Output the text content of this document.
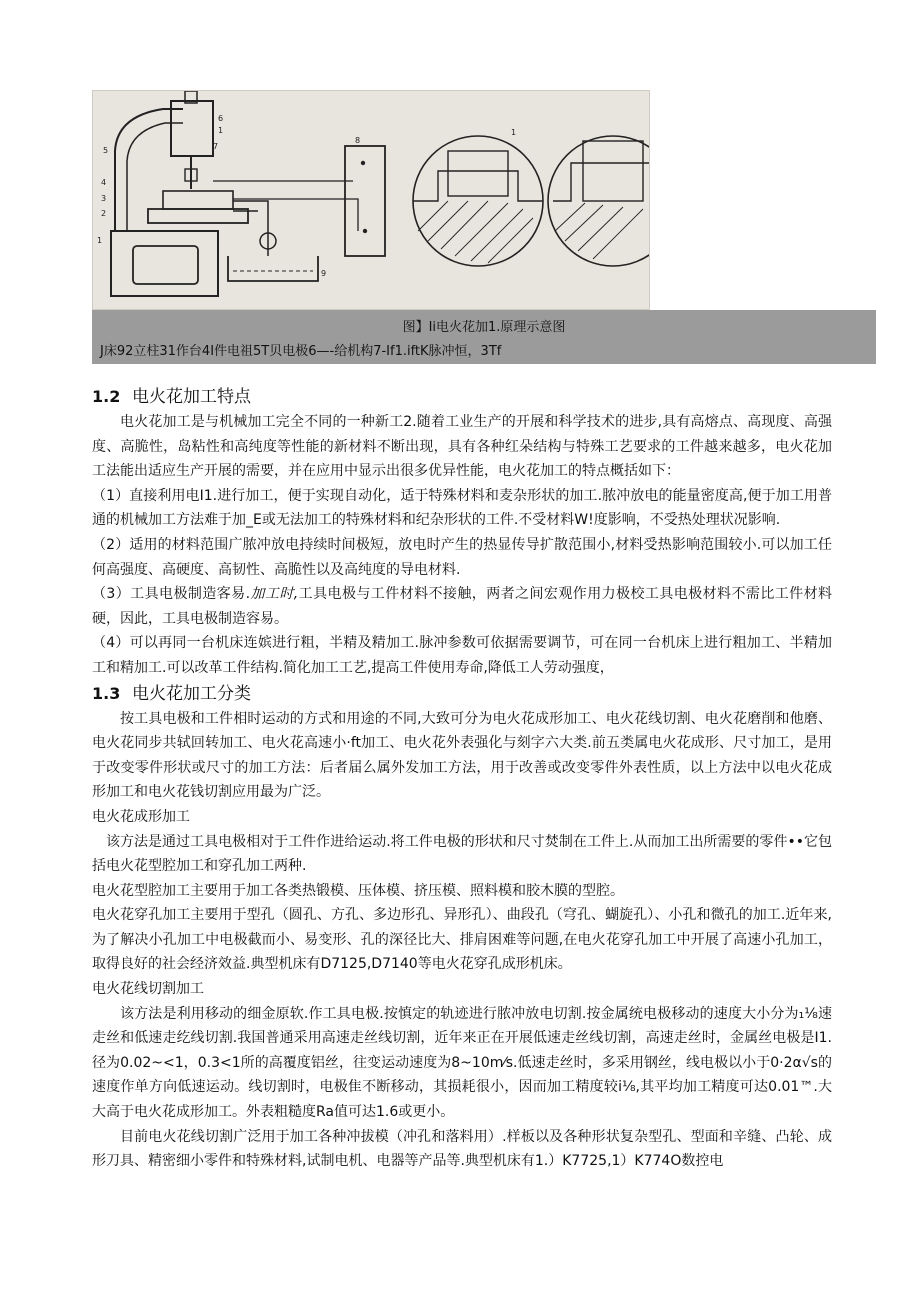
6
1
5	7
4
3
2
1
8
9
1
图】Ii电火花加1.原理示意图
J床92立柱31作台4I件电祖5T贝电极6—-给机构7-If1.iftK脉冲恒，3Tf
1.2 电火花加工特点

电火花加工是与机械加工完全不同的一种新工2.随着工业生产的开展和科学技术的进步,具有高熔点、高现度、高强度、高脆性，岛粘性和高纯度等性能的新材料不断出现，具有各种红朵结构与特殊工艺要求的工件越来越多，电火花加工法能出适应生产开展的需要，并在应用中显示出很多优异性能，电火花加工的特点概括如下：

（1）直接利用电I1.进行加工，便于实现自动化，适于特殊材料和麦杂形状的加工.脓冲放电的能量密度高,便于加工用普通的机械加工方法难于加_E或无法加工的特殊材料和纪杂形状的工件.不受材料W!度影响，不受热处理状况影响.

（2）适用的材料范围广脓冲放电持续时间极短，放电时产生的热显传导扩散范围小,材料受热影响范围较小.可以加工任何高强度、高硬度、高韧性、高脆性以及高纯度的导电材料.

（3）工具电极制造客易.加工时,工具电极与工件材料不接触，两者之间宏观作用力极校工具电极材料不需比工件材料硬，因此，工具电极制造容易。

（4）可以再同一台机床连嫔进行粗，半精及精加工.脉冲参数可依据需要调节，可在同一台机床上进行粗加工、半精加工和精加工.可以改革工件结构.简化加工工艺,提高工件使用寿命,降低工人劳动强度，

1.3 电火花加工分类

按工具电极和工件相时运动的方式和用途的不同,大致可分为电火花成形加工、电火花线切割、电火花磨削和他磨、电火花同步共轼回转加工、电火花高速小·ft加工、电火花外表强化与刻字六大类.前五类属电火花成形、尺寸加工，是用于改变零件形状或尺寸的加工方法：后者届么属外发加工方法，用于改善或改变零件外表性质，以上方法中以电火花成形加工和电火花钱切割应用最为广泛。

电火花成形加工

该方法是通过工具电极相对于工件作进给运动.将工件电极的形状和尺寸焚制在工件上.从而加工出所需要的零件••它包括电火花型腔加工和穿孔加工两种.

电火花型腔加工主要用于加工各类热锻模、压体模、挤压模、照料模和胶木膜的型腔。

电火花穿孔加工主要用于型孔（圆孔、方孔、多边形孔、异形孔）、曲段孔（穹孔、蝴旋孔）、小孔和微孔的加工.近年来,为了解决小孔加工中电极截而小、易变形、孔的深径比大、排肩困难等问题,在电火花穿孔加工中开展了高速小孔加工，取得良好的社会经济效益.典型机床有D7125,D7140等电火花穿孔成形机床。

电火花线切割加工

该方法是利用移动的细金原软.作工具电极.按慎定的轨迹进行脓冲放电切割.按金属统电极移动的速度大小分为₁⅛速走丝和低速走纥线切割.我国普通采用高速走丝线切割，近年来正在开展低速走丝线切割，高速走丝时，金属丝电极是I1.径为0.02~<1，0.3<1所的高覆度铝丝，往变运动速度为8~10m⁄s.低速走丝时，多采用钢丝，线电极以小于0·2α√s的速度作单方向低速运动。线切割时，电极隹不断移动，其损耗很小，因而加工精度较i⅛,其平均加工精度可达0.01™.大大高于电火花成形加工。外表粗糙度Ra值可达1.6或更小。

目前电火花线切割广泛用于加工各种冲拔模（冲孔和落料用）.样板以及各种形状复杂型孔、型面和辛缝、凸轮、成形刀具、精密细小零件和特殊材料,试制电机、电器等产品等.典型机床有1.）K7725,1）K774O数控电
